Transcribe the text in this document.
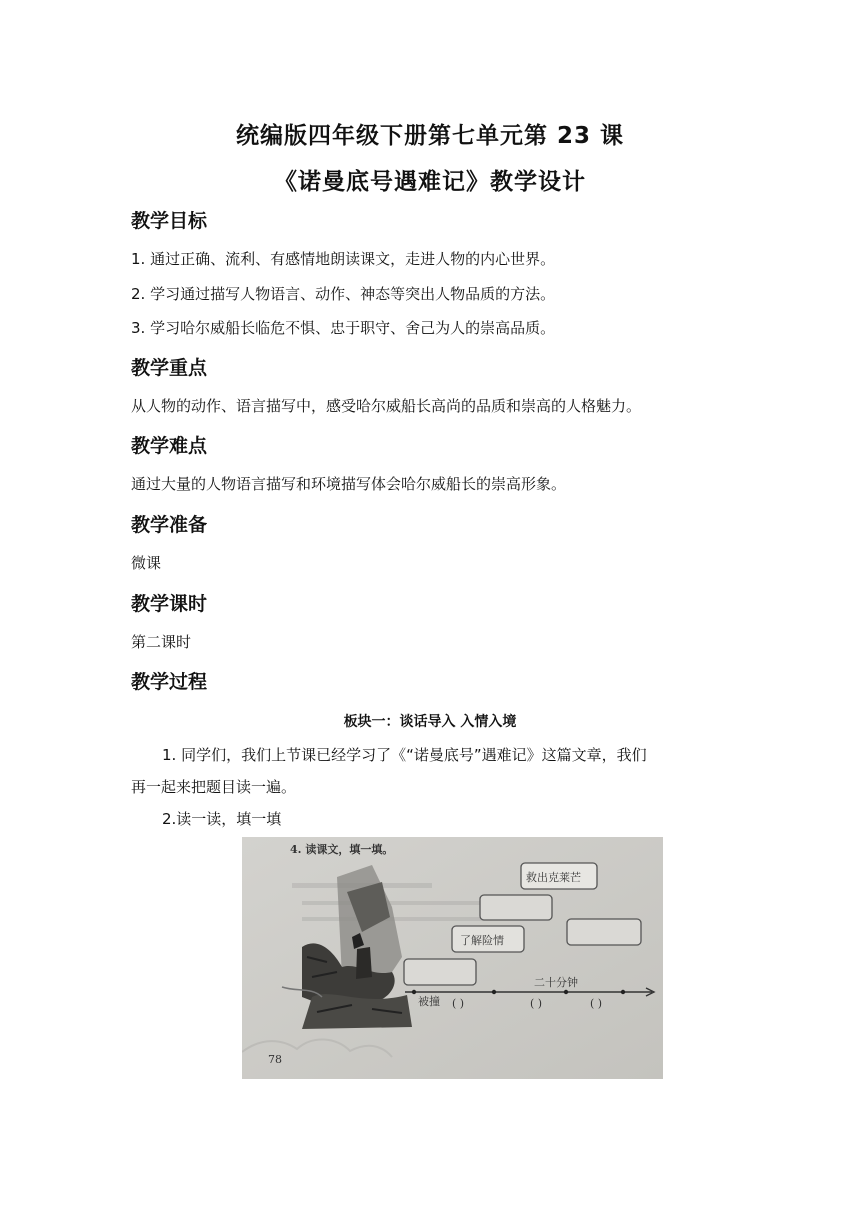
统编版四年级下册第七单元第 23 课
《诺曼底号遇难记》教学设计
教学目标
1. 通过正确、流利、有感情地朗读课文，走进人物的内心世界。
2. 学习通过描写人物语言、动作、神态等突出人物品质的方法。
3. 学习哈尔威船长临危不惧、忠于职守、舍己为人的崇高品质。
教学重点
从人物的动作、语言描写中，感受哈尔威船长高尚的品质和崇高的人格魅力。
教学难点
通过大量的人物语言描写和环境描写体会哈尔威船长的崇高形象。
教学准备
微课
教学课时
第二课时
教学过程
板块一：谈话导入 入情入境
1. 同学们，我们上节课已经学习了《“诺曼底号”遇难记》这篇文章，我们
再一起来把题目读一遍。
2.读一读，填一填
4. 读课文，填一填。
救出克莱芒
了解险情
二十分钟
被撞 ( )	( )	( )
78
